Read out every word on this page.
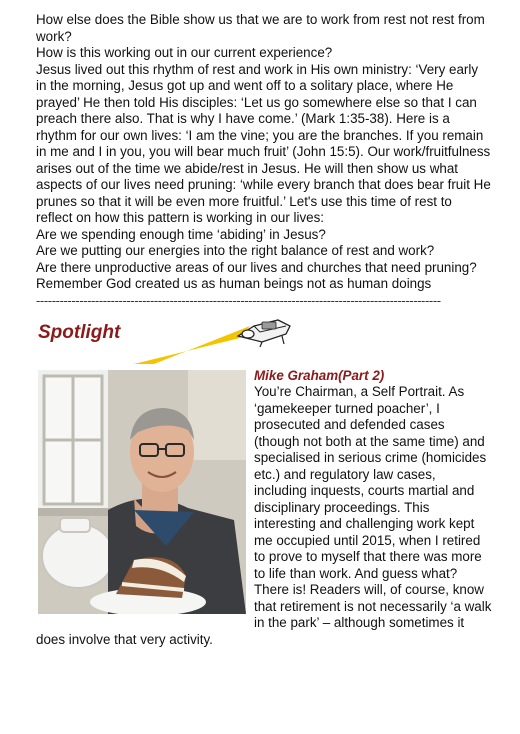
How else does the Bible show us that we are to work from rest not rest from work?

How is this working out in our current experience?

Jesus lived out this rhythm of rest and work in His own ministry: ‘Very early in the morning, Jesus got up and went off to a solitary place, where He prayed’ He then told His disciples: ‘Let us go somewhere else so that I can preach there also. That is why I have come.’ (Mark 1:35-38). Here is a rhythm for our own lives: ‘I am the vine; you are the branches. If you remain in me and I in you, you will bear much fruit’ (John 15:5). Our work/fruitfulness arises out of the time we abide/rest in Jesus. He will then show us what aspects of our lives need pruning: ‘while every branch that does bear fruit He prunes so that it will be even more fruitful.’ Let's use this time of rest to reflect on how this pattern is working in our lives:

Are we spending enough time ‘abiding’ in Jesus?

Are we putting our energies into the right balance of rest and work?

Are there unproductive areas of our lives and churches that need pruning?

Remember God created us as human beings not as human doings

-------------------------------------------------------------------------------------------------------
Spotlight
Mike Graham(Part 2)
You’re Chairman, a Self Portrait. As ‘gamekeeper turned poacher’, I prosecuted and defended cases (though not both at the same time) and specialised in serious crime (homicides etc.) and regulatory law cases, including inquests, courts martial and disciplinary proceedings. This interesting and challenging work kept me occupied until 2015, when I retired to prove to myself that there was more to life than work. And guess what? There is! Readers will, of course, know that retirement is not necessarily ‘a walk in the park’ – although sometimes it does involve that very activity.
